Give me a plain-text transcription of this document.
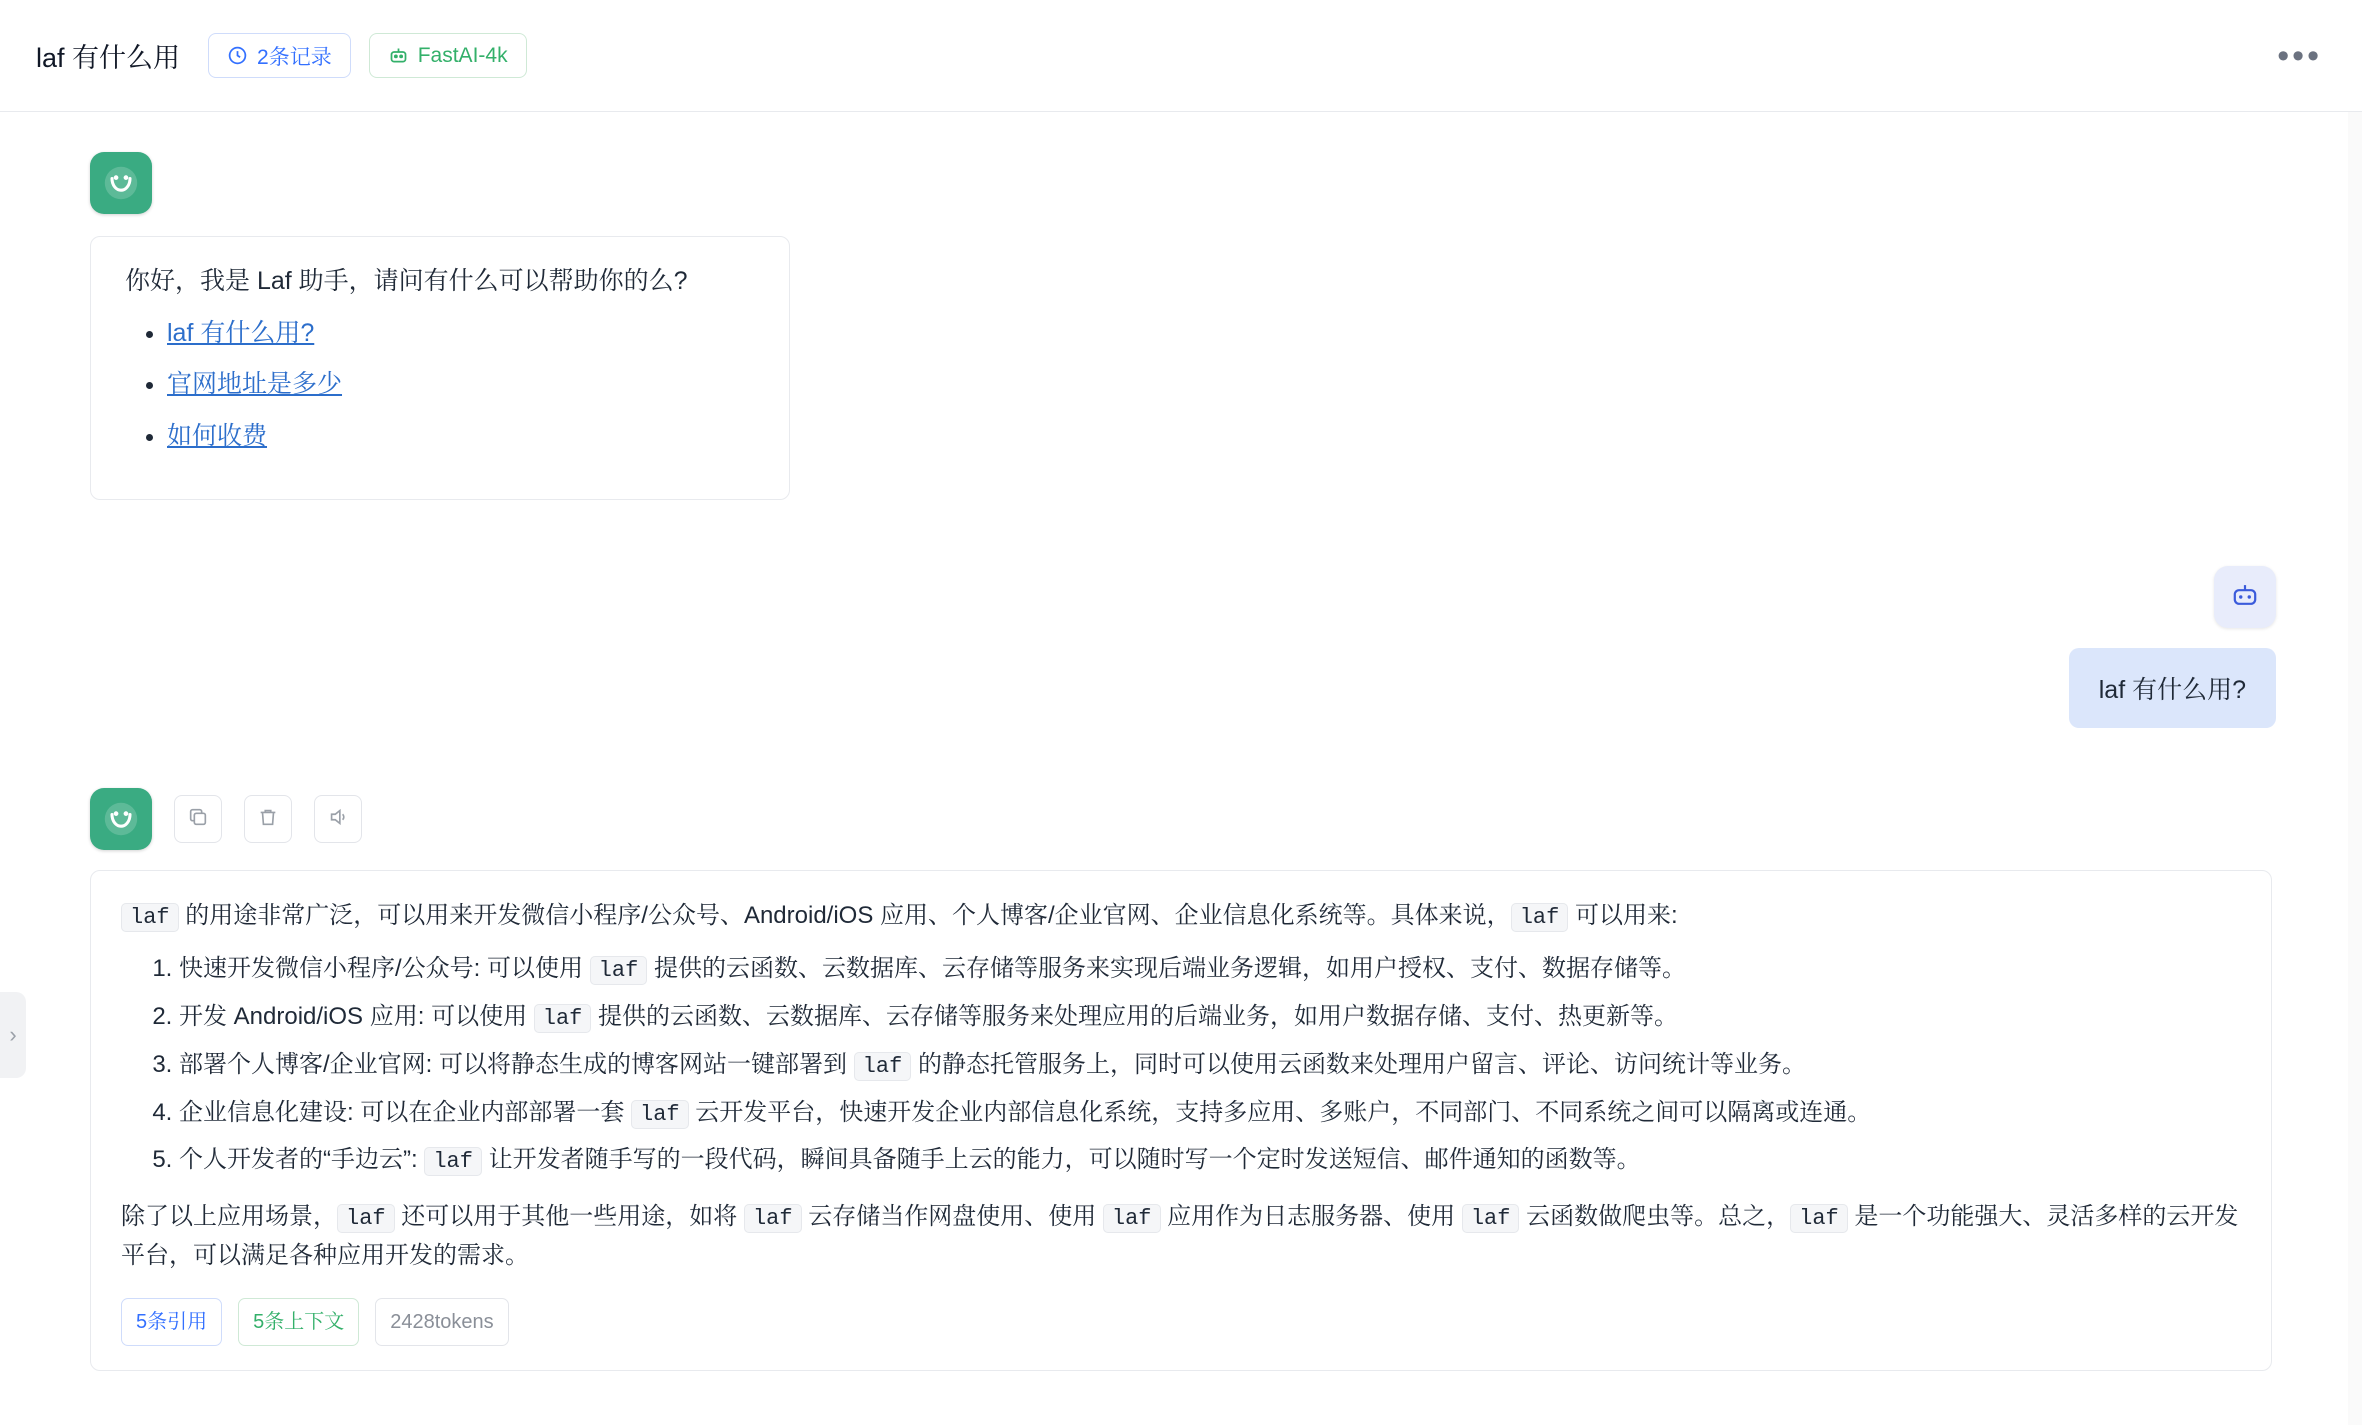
laf 有什么用	2条记录	FastAI-4k	•••
›

你好，我是 Laf 助手，请问有什么可以帮助你的么?

• laf 有什么用?
• 官网地址是多少
• 如何收费
laf 有什么用?

laf 的用途非常广泛，可以用来开发微信小程序/公众号、Android/iOS 应用、个人博客/企业官网、企业信息化系统等。具体来说， laf 可以用来:

1. 快速开发微信小程序/公众号: 可以使用 laf 提供的云函数、云数据库、云存储等服务来实现后端业务逻辑，如用户授权、支付、数据存储等。
2. 开发 Android/iOS 应用: 可以使用 laf 提供的云函数、云数据库、云存储等服务来处理应用的后端业务，如用户数据存储、支付、热更新等。
3. 部署个人博客/企业官网: 可以将静态生成的博客网站一键部署到 laf 的静态托管服务上，同时可以使用云函数来处理用户留言、评论、访问统计等业务。
4. 企业信息化建设: 可以在企业内部部署一套 laf 云开发平台，快速开发企业内部信息化系统，支持多应用、多账户，不同部门、不同系统之间可以隔离或连通。
5. 个人开发者的“手边云”: laf 让开发者随手写的一段代码，瞬间具备随手上云的能力，可以随时写一个定时发送短信、邮件通知的函数等。

除了以上应用场景， laf 还可以用于其他一些用途，如将 laf 云存储当作网盘使用、使用 laf 应用作为日志服务器、使用 laf 云函数做爬虫等。总之， laf 是一个功能强大、灵活多样的云开发平台，可以满足各种应用开发的需求。

5条引用	5条上下文	2428tokens
